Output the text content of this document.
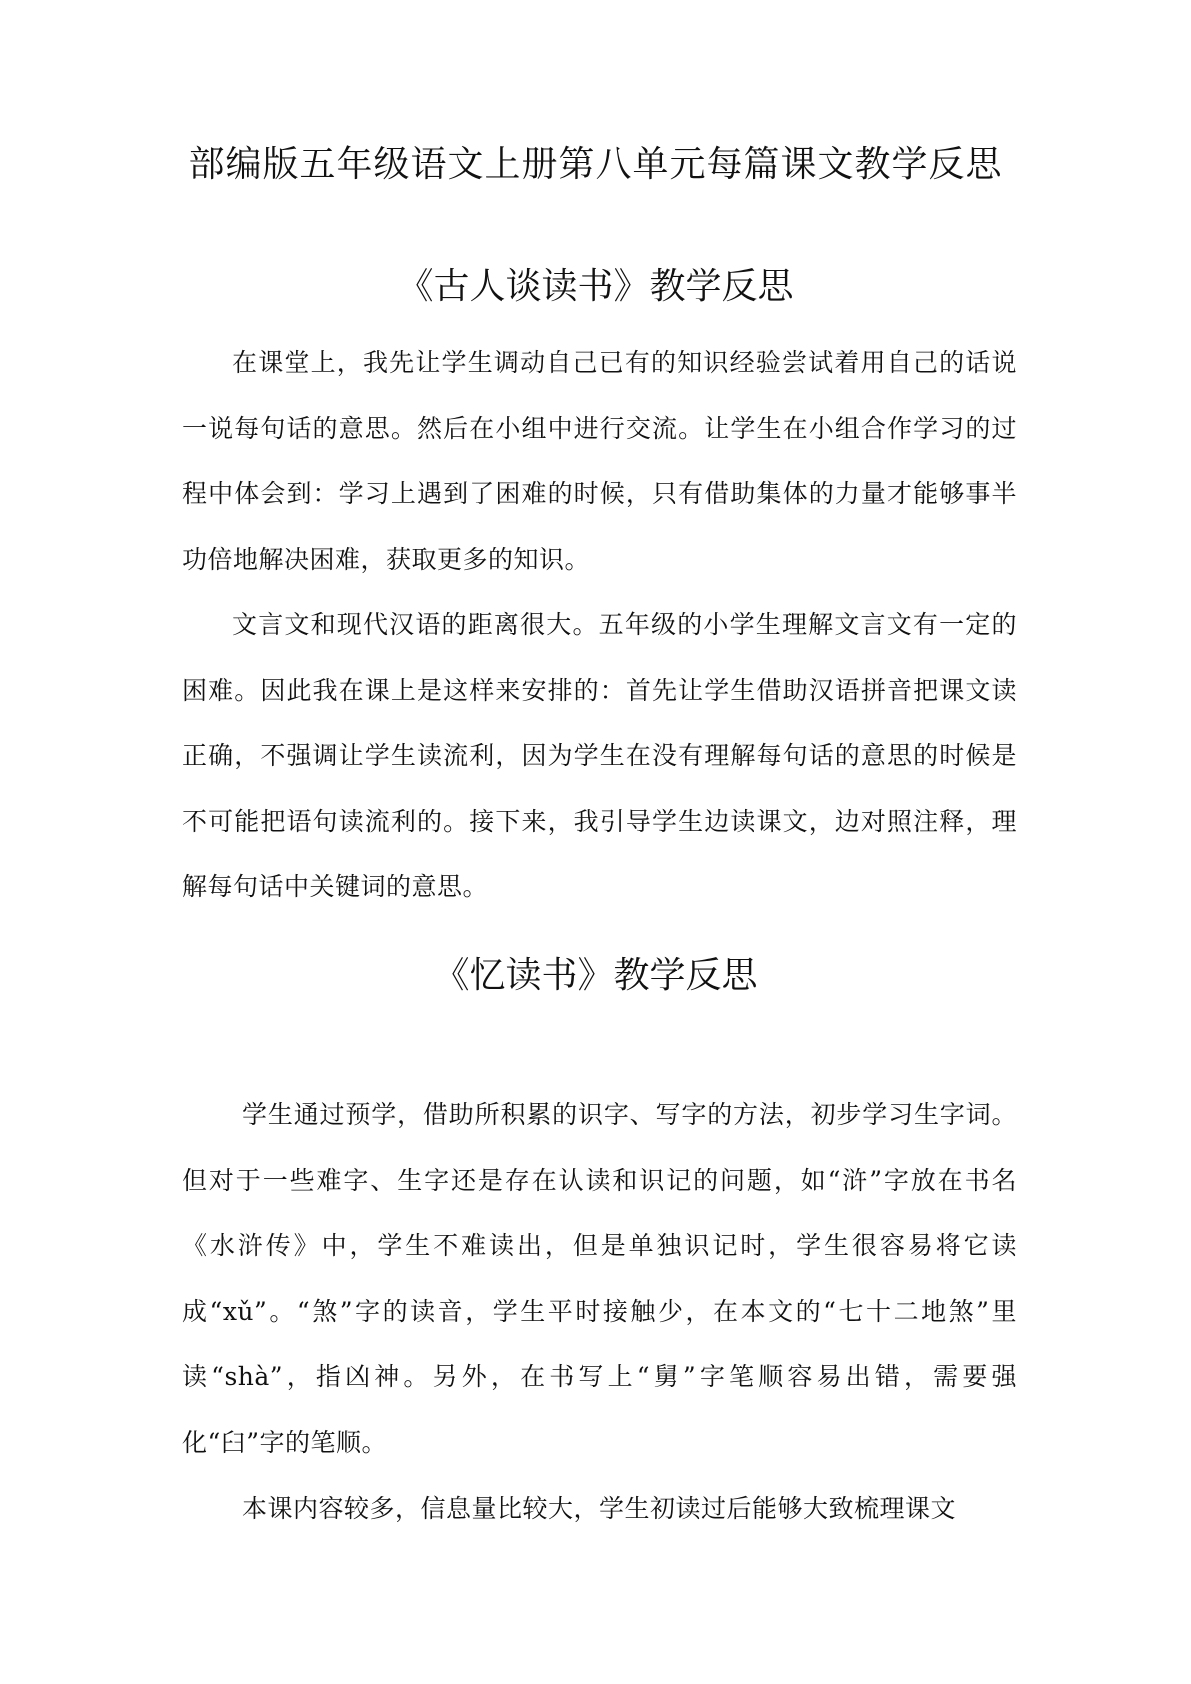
部编版五年级语文上册第八单元每篇课文教学反思
《古人谈读书》教学反思

在课堂上，我先让学生调动自己已有的知识经验尝试着用自己的话说一说每句话的意思。然后在小组中进行交流。让学生在小组合作学习的过程中体会到：学习上遇到了困难的时候，只有借助集体的力量才能够事半功倍地解决困难，获取更多的知识。

文言文和现代汉语的距离很大。五年级的小学生理解文言文有一定的困难。因此我在课上是这样来安排的：首先让学生借助汉语拼音把课文读正确，不强调让学生读流利，因为学生在没有理解每句话的意思的时候是不可能把语句读流利的。接下来，我引导学生边读课文，边对照注释，理解每句话中关键词的意思。

《忆读书》教学反思

学生通过预学，借助所积累的识字、写字的方法，初步学习生字词。但对于一些难字、生字还是存在认读和识记的问题，如“浒”字放在书名《水浒传》中，学生不难读出，但是单独识记时，学生很容易将它读成“xǔ”。“煞”字的读音，学生平时接触少，在本文的“七十二地煞”里读“shà”，指凶神。另外，在书写上“舅”字笔顺容易出错，需要强化“臼”字的笔顺。

本课内容较多，信息量比较大，学生初读过后能够大致梳理课文
